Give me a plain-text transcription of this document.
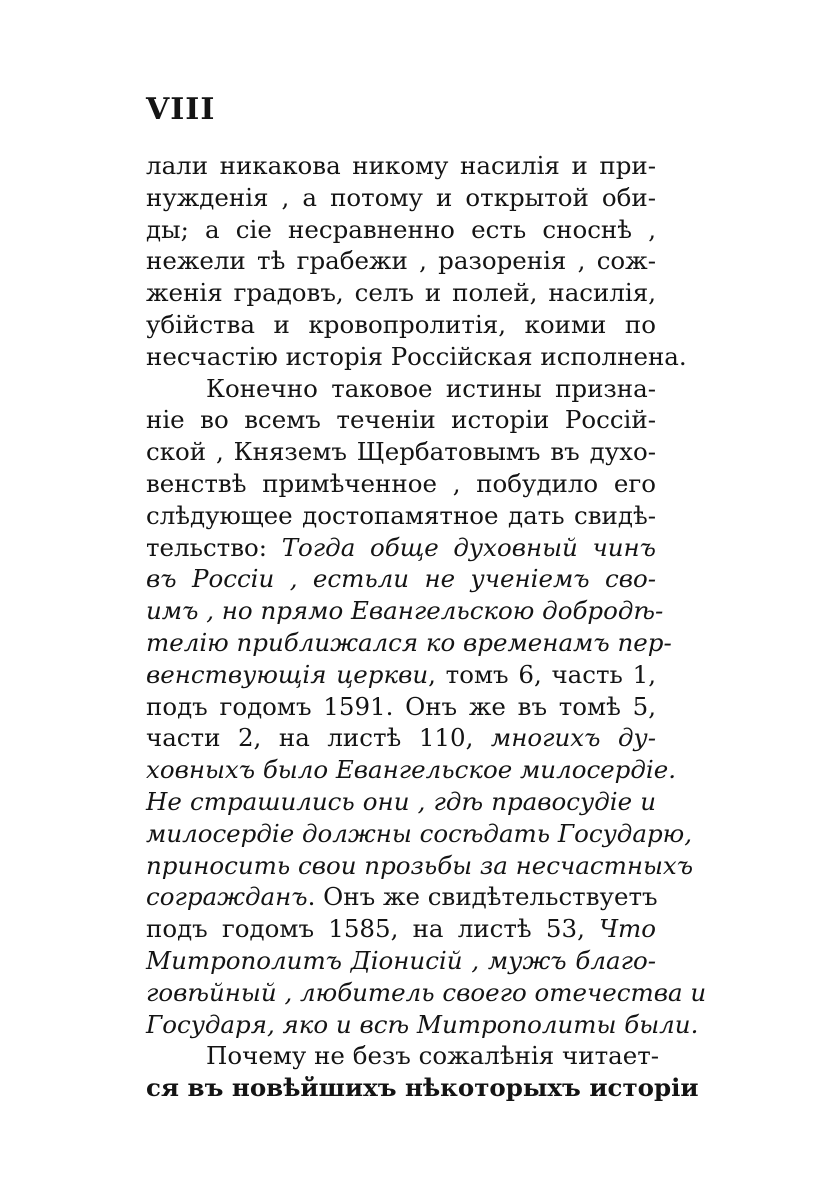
VIII

лали никакова никому насилія и при-
нужденія , а потому и открытой оби-
ды; а сіе несравненно есть сноснѣ ,
нежели тѣ грабежи , разоренія , сож-
женія градовъ, селъ и полей, насилія,
убійства и кровопролитія, коими по
несчастію исторія Россійская исполнена.
Конечно таковое истины призна-
ніе во всемъ теченіи исторіи Россій-
ской , Княземъ Щербатовымъ въ духо-
венствѣ примѣченное , побудило его
слѣдующее достопамятное дать свидѣ-
тельство: Тогда обще духовный чинъ
въ Россіи , естьли не ученіемъ сво-
имъ , но прямо Евангельскою добродѣ-
телію приближался ко временамъ пер-
венствующія церкви, томъ 6, часть 1,
подъ годомъ 1591. Онъ же въ томѣ 5,
части 2, на листѣ 110, многихъ ду-
ховныхъ было Евангельское милосердіе.
Не страшились они , гдѣ правосудіе и
милосердіе должны сосѣдать Государю,
приносить свои прозьбы за несчастныхъ
согражданъ. Онъ же свидѣтельствуетъ
подъ годомъ 1585, на листѣ 53, Что
Митрополитъ Діонисій , мужъ благо-
говѣйный , любитель своего отечества и
Государя, яко и всѣ Митрополиты были.
Почему не безъ сожалѣнія читает-
ся въ новѣйшихъ нѣкоторыхъ исторіи
